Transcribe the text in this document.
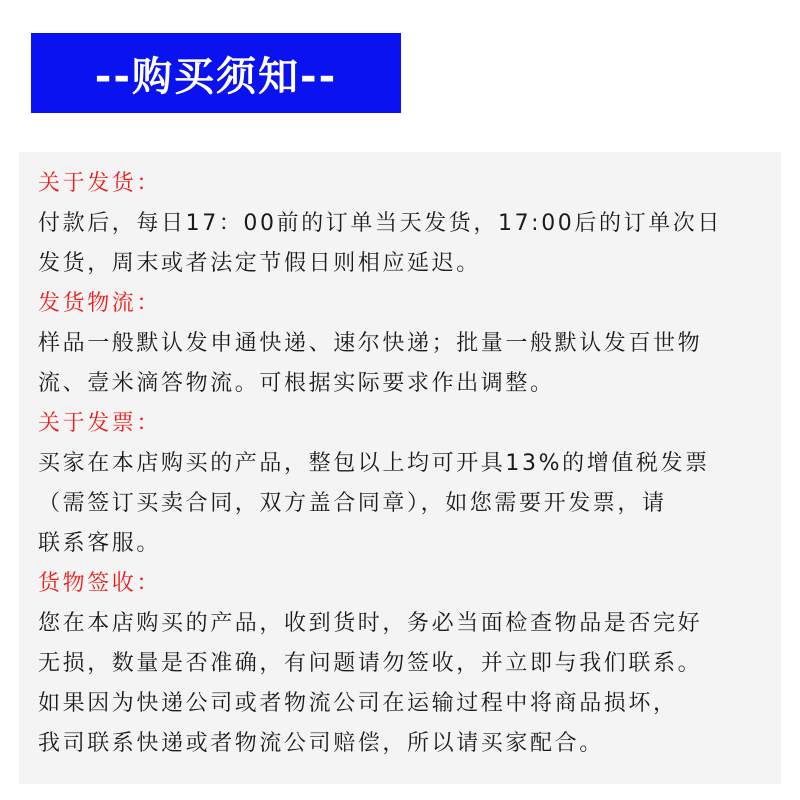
--购买须知--
关于发货：
付款后，每日17：00前的订单当天发货，17:00后的订单次日
发货，周末或者法定节假日则相应延迟。
发货物流：
样品一般默认发申通快递、速尔快递；批量一般默认发百世物
流、壹米滴答物流。可根据实际要求作出调整。
关于发票：
买家在本店购买的产品，整包以上均可开具13%的增值税发票
（需签订买卖合同，双方盖合同章），如您需要开发票，请
联系客服。
货物签收：
您在本店购买的产品，收到货时，务必当面检查物品是否完好
无损，数量是否准确，有问题请勿签收，并立即与我们联系。
如果因为快递公司或者物流公司在运输过程中将商品损坏，
我司联系快递或者物流公司赔偿，所以请买家配合。
